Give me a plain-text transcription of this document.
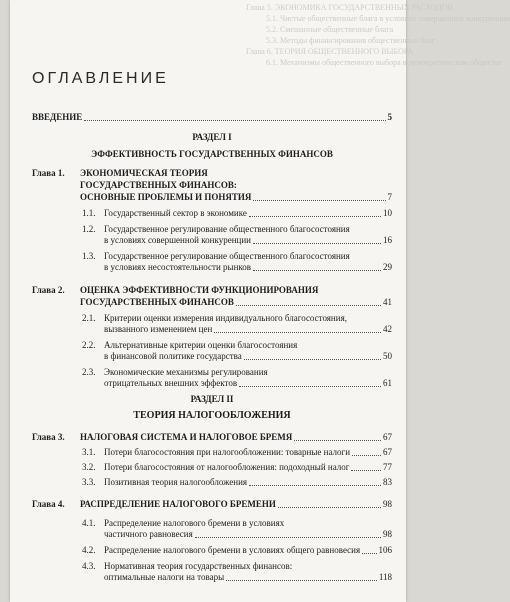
Глава 5. ЭКОНОМИКА ГОСУДАРСТВЕННЫХ РАСХОДОВ
5.1. Чистые общественные блага в условиях совершенной конкуренции
5.2. Смешанные общественные блага
5.3. Методы финансирования общественных благ
Глава 6. ТЕОРИЯ ОБЩЕСТВЕННОГО ВЫБОРА
6.1. Механизмы общественного выбора в демократическом обществе
ОГЛАВЛЕНИЕ
ВВЕДЕНИЕ	5
РАЗДЕЛ I
ЭФФЕКТИВНОСТЬ ГОСУДАРСТВЕННЫХ ФИНАНСОВ
Глава 1. ЭКОНОМИЧЕСКАЯ ТЕОРИЯ
ГОСУДАРСТВЕННЫХ ФИНАНСОВ:
ОСНОВНЫЕ ПРОБЛЕМЫ И ПОНЯТИЯ	7
1.1. Государственный сектор в экономике	10
1.2. Государственное регулирование общественного благосостояния
в условиях совершенной конкуренции	16
1.3. Государственное регулирование общественного благосостояния
в условиях несостоятельности рынков	29
Глава 2. ОЦЕНКА ЭФФЕКТИВНОСТИ ФУНКЦИОНИРОВАНИЯ
ГОСУДАРСТВЕННЫХ ФИНАНСОВ	41
2.1. Критерии оценки измерения индивидуального благосостояния,
вызванного изменением цен	42
2.2. Альтернативные критерии оценки благосостояния
в финансовой политике государства	50
2.3. Экономические механизмы регулирования
отрицательных внешних эффектов	61
РАЗДЕЛ II
ТЕОРИЯ НАЛОГООБЛОЖЕНИЯ
Глава 3.	НАЛОГОВАЯ СИСТЕМА И НАЛОГОВОЕ БРЕМЯ	67
3.1. Потери благосостояния при налогообложении: товарные налоги	67
3.2. Потери благосостояния от налогообложения: подоходный налог	77
3.3. Позитивная теория налогообложения	83
Глава 4.	РАСПРЕДЕЛЕНИЕ НАЛОГОВОГО БРЕМЕНИ	98
4.1. Распределение налогового бремени в условиях
частичного равновесия	98
4.2. Распределение налогового бремени в условиях общего равновесия 106
4.3. Нормативная теория государственных финансов:
оптимальные налоги на товары	118
